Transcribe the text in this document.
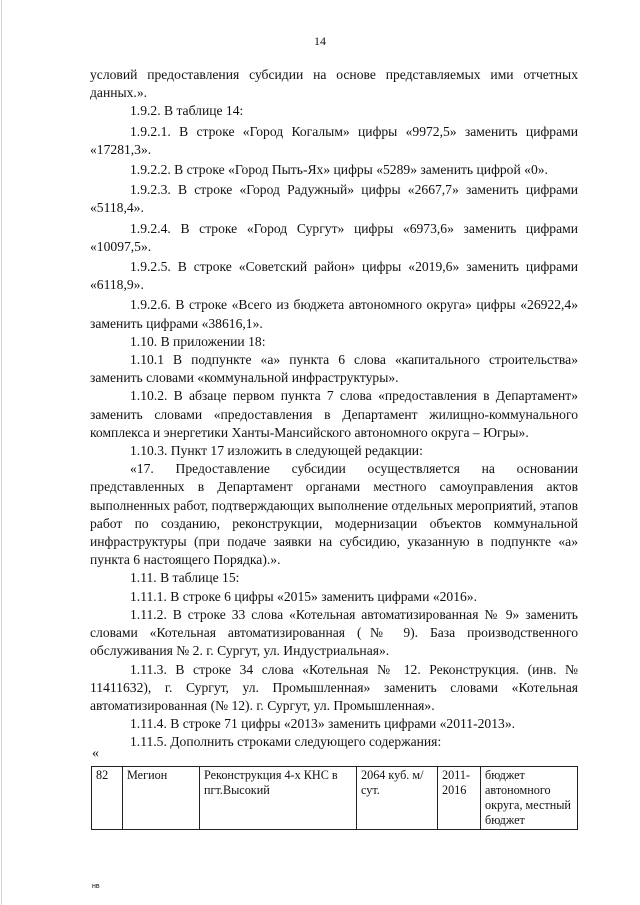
14

условий предоставления субсидии на основе представляемых ими отчетных данных.».

1.9.2. В таблице 14:

1.9.2.1. В строке «Город Когалым» цифры «9972,5» заменить цифрами «17281,3».

1.9.2.2. В строке «Город Пыть-Ях» цифры «5289» заменить цифрой «0».

1.9.2.3. В строке «Город Радужный» цифры «2667,7» заменить цифрами «5118,4».

1.9.2.4. В строке «Город Сургут» цифры «6973,6» заменить цифрами «10097,5».

1.9.2.5. В строке «Советский район» цифры «2019,6» заменить цифрами «6118,9».

1.9.2.6. В строке «Всего из бюджета автономного округа» цифры «26922,4» заменить цифрами «38616,1».

1.10. В приложении 18:

1.10.1 В подпункте «а» пункта 6 слова «капитального строительства» заменить словами «коммунальной инфраструктуры».

1.10.2. В абзаце первом пункта 7 слова «предоставления в Департамент» заменить словами «предоставления в Департамент жилищно-коммунального комплекса и энергетики Ханты-Мансийского автономного округа – Югры».

1.10.3. Пункт 17 изложить в следующей редакции:

«17. Предоставление субсидии осуществляется на основании представленных в Департамент органами местного самоуправления актов выполненных работ, подтверждающих выполнение отдельных мероприятий, этапов работ по созданию, реконструкции, модернизации объектов коммунальной инфраструктуры (при подаче заявки на субсидию, указанную в подпункте «а» пункта 6 настоящего Порядка).».

1.11. В таблице 15:

1.11.1. В строке 6 цифры «2015» заменить цифрами «2016».

1.11.2. В строке 33 слова «Котельная автоматизированная № 9» заменить словами «Котельная автоматизированная (№ 9). База производственного обслуживания № 2. г. Сургут, ул. Индустриальная».

1.11.3. В строке 34 слова «Котельная № 12. Реконструкция. (инв. № 11411632), г. Сургут, ул. Промышленная» заменить словами «Котельная автоматизированная (№ 12). г. Сургут, ул. Промышленная».

1.11.4. В строке 71 цифры «2013» заменить цифрами «2011-2013».

1.11.5. Дополнить строками следующего содержания:

«
82	Мегион	Реконструкция 4-х КНС в пгт.Высокий	2064 куб. м/сут.	2011-2016	бюджет автономного округа, местный бюджет
нв
